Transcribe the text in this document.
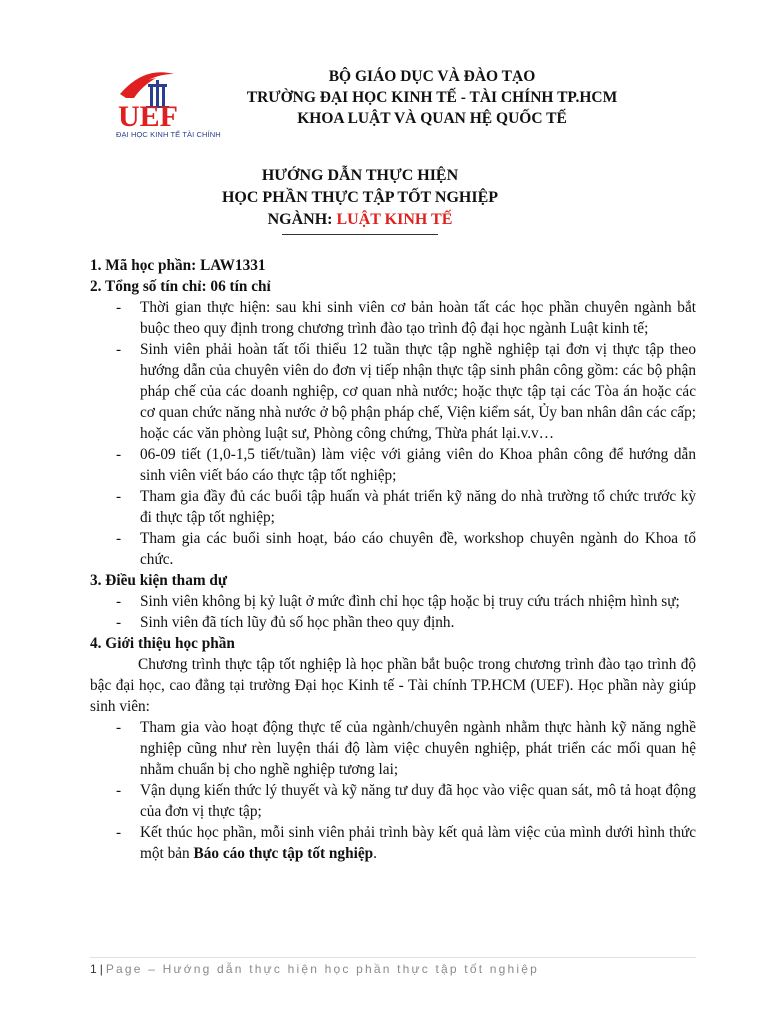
UEF
ĐẠI HỌC KINH TẾ TÀI CHÍNH
BỘ GIÁO DỤC VÀ ĐÀO TẠO
TRƯỜNG ĐẠI HỌC KINH TẾ - TÀI CHÍNH TP.HCM
KHOA LUẬT VÀ QUAN HỆ QUỐC TẾ
HƯỚNG DẪN THỰC HIỆN
HỌC PHẦN THỰC TẬP TỐT NGHIỆP
NGÀNH: LUẬT KINH TẾ

1. Mã học phần: LAW1331

2. Tổng số tín chỉ: 06 tín chỉ

- Thời gian thực hiện: sau khi sinh viên cơ bản hoàn tất các học phần chuyên ngành bắt buộc theo quy định trong chương trình đào tạo trình độ đại học ngành Luật kinh tế;

- Sinh viên phải hoàn tất tối thiểu 12 tuần thực tập nghề nghiệp tại đơn vị thực tập theo hướng dẫn của chuyên viên do đơn vị tiếp nhận thực tập sinh phân công gồm: các bộ phận pháp chế của các doanh nghiệp, cơ quan nhà nước; hoặc thực tập tại các Tòa án hoặc các cơ quan chức năng nhà nước ở bộ phận pháp chế, Viện kiểm sát, Ủy ban nhân dân các cấp; hoặc các văn phòng luật sư, Phòng công chứng, Thừa phát lại.v.v…

- 06-09 tiết (1,0-1,5 tiết/tuần) làm việc với giảng viên do Khoa phân công để hướng dẫn sinh viên viết báo cáo thực tập tốt nghiệp;

- Tham gia đầy đủ các buổi tập huấn và phát triển kỹ năng do nhà trường tổ chức trước kỳ đi thực tập tốt nghiệp;

- Tham gia các buổi sinh hoạt, báo cáo chuyên đề, workshop chuyên ngành do Khoa tổ chức.

3. Điều kiện tham dự

- Sinh viên không bị kỷ luật ở mức đình chỉ học tập hoặc bị truy cứu trách nhiệm hình sự;

- Sinh viên đã tích lũy đủ số học phần theo quy định.

4. Giới thiệu học phần

Chương trình thực tập tốt nghiệp là học phần bắt buộc trong chương trình đào tạo trình độ bậc đại học, cao đẳng tại trường Đại học Kinh tế - Tài chính TP.HCM (UEF). Học phần này giúp sinh viên:

- Tham gia vào hoạt động thực tế của ngành/chuyên ngành nhằm thực hành kỹ năng nghề nghiệp cũng như rèn luyện thái độ làm việc chuyên nghiệp, phát triển các mối quan hệ nhằm chuẩn bị cho nghề nghiệp tương lai;

- Vận dụng kiến thức lý thuyết và kỹ năng tư duy đã học vào việc quan sát, mô tả hoạt động của đơn vị thực tập;

- Kết thúc học phần, mỗi sinh viên phải trình bày kết quả làm việc của mình dưới hình thức một bản Báo cáo thực tập tốt nghiệp.

1 | Page – Hướng dẫn thực hiện học phần thực tập tốt nghiệp
